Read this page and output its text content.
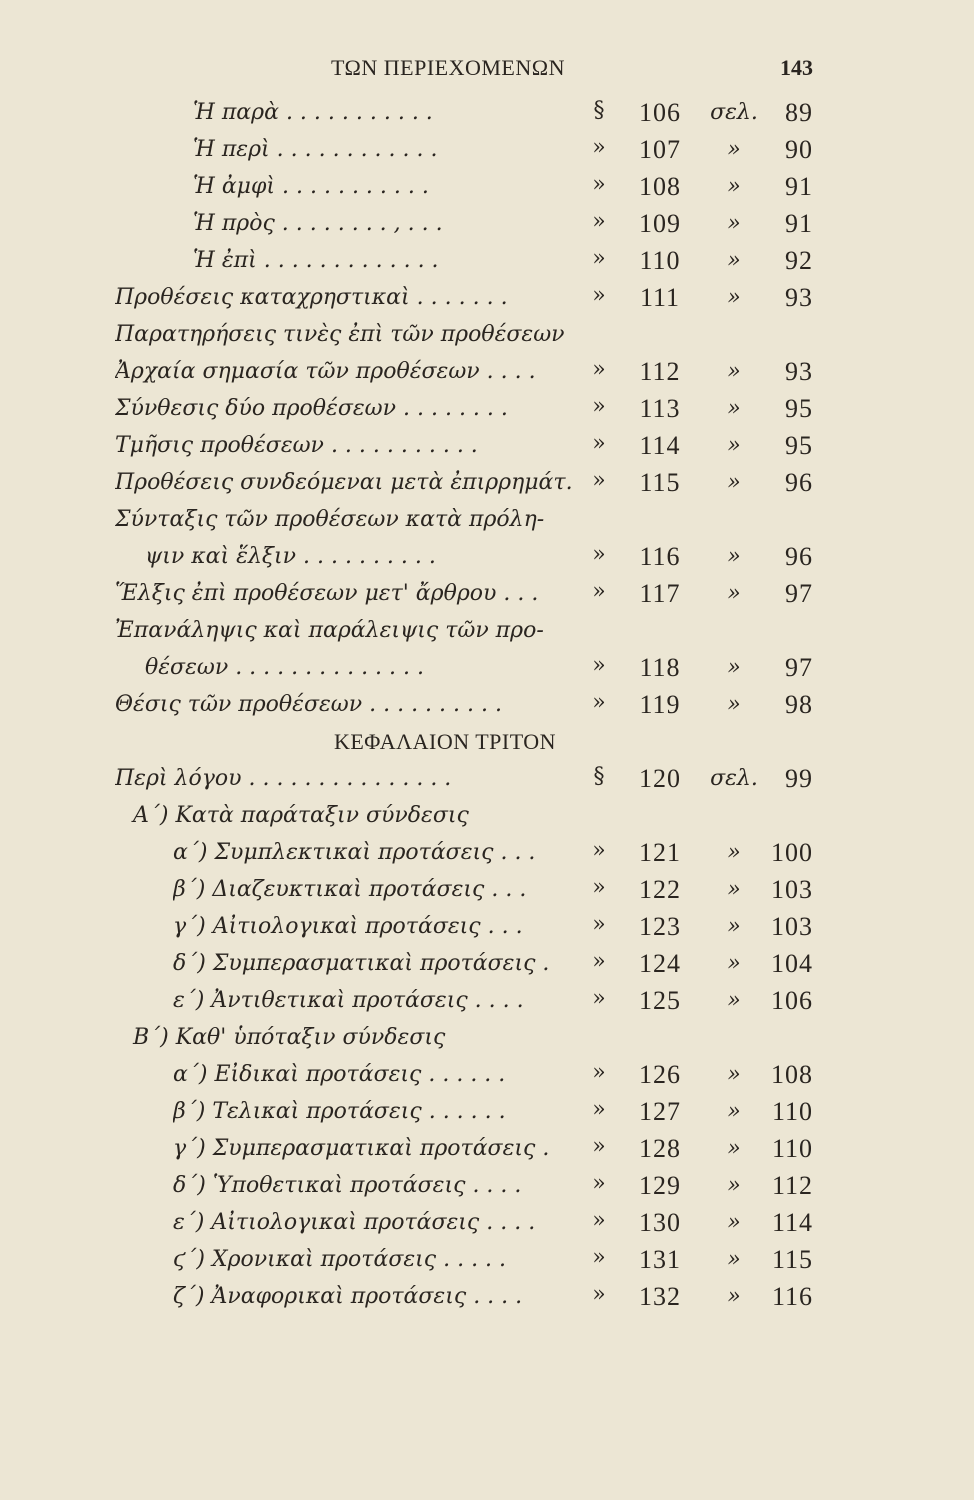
ΤΩΝ ΠΕΡΙΕΧΟΜΕΝΩΝ	143
Ἡ παρὰ . . . . . . . . . . .	§	106	σελ.	89
Ἡ περὶ . . . . . . . . . . . .	»	107	»	90
Ἡ ἀμφὶ . . . . . . . . . . .	»	108	»	91
Ἡ πρὸς . . . . . . . . , . . .	»	109	»	91
Ἡ ἐπὶ . . . . . . . . . . . . .	»	110	»	92
Προθέσεις καταχρηστικαὶ . . . . . . .	»	111	»	93
Παρατηρήσεις τινὲς ἐπὶ τῶν προθέσεων
Ἀρχαία σημασία τῶν προθέσεων . . . .	»	112	»	93
Σύνθεσις δύο προθέσεων . . . . . . . .	»	113	»	95
Τμῆσις προθέσεων . . . . . . . . . . .	»	114	»	95
Προθέσεις συνδεόμεναι μετὰ ἐπιρρημάτ. »	115	»	96
Σύνταξις τῶν προθέσεων κατὰ πρόλη-
ψιν καὶ ἕλξιν . . . . . . . . . .	»	116	»	96
Ἕλξις ἐπὶ προθέσεων μετ' ἄρθρου . . .	»	117	»	97
Ἐπανάληψις καὶ παράλειψις τῶν προ-
θέσεων . . . . . . . . . . . . . .	»	118	»	97
Θέσις τῶν προθέσεων . . . . . . . . . .	»	119	»	98
ΚΕΦΑΛΑΙΟΝ ΤΡΙΤΟΝ
Περὶ λόγου . . . . . . . . . . . . . . .	§	120	σελ.	99
Α΄) Κατὰ παράταξιν σύνδεσις
α΄) Συμπλεκτικαὶ προτάσεις . . .	»	121	»	100
β΄) Διαζευκτικαὶ προτάσεις . . .	»	122	»	103
γ΄) Αἰτιολογικαὶ προτάσεις . . .	»	123	»	103
δ΄) Συμπερασματικαὶ προτάσεις .	»	124	»	104
ε΄) Ἀντιθετικαὶ προτάσεις . . . .	»	125	»	106
Β΄) Καθ' ὑπόταξιν σύνδεσις
α΄) Εἰδικαὶ προτάσεις . . . . . .	»	126	»	108
β΄) Τελικαὶ προτάσεις . . . . . .	»	127	»	110
γ΄) Συμπερασματικαὶ προτάσεις .	»	128	»	110
δ΄) Ὑποθετικαὶ προτάσεις . . . .	»	129	»	112
ε΄) Αἰτιολογικαὶ προτάσεις . . . .	»	130	»	114
ϛ΄) Χρονικαὶ προτάσεις . . . . .	»	131	»	115
ζ΄) Ἀναφορικαὶ προτάσεις . . . .	»	132	»	116
